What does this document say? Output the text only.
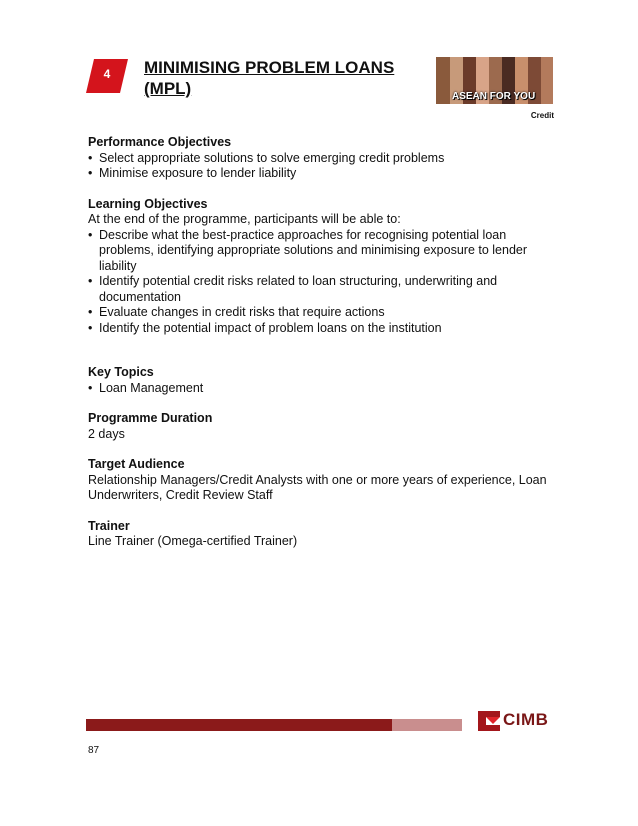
4	MINIMISING PROBLEM LOANS (MPL)	ASEAN FOR YOU
Credit
Performance Objectives
• Select appropriate solutions to solve emerging credit problems
• Minimise exposure to lender liability
Learning Objectives

At the end of the programme, participants will be able to:

• Describe what the best-practice approaches for recognising potential loan problems, identifying appropriate solutions and minimising exposure to lender liability
• Identify potential credit risks related to loan structuring, underwriting and documentation
• Evaluate changes in credit risks that require actions
• Identify the potential impact of problem loans on the institution
Key Topics
• Loan Management
Programme Duration

2 days

Target Audience

Relationship Managers/Credit Analysts with one or more years of experience, Loan Underwriters, Credit Review Staff

Trainer

Line Trainer (Omega-certified Trainer)

CIMB
87
